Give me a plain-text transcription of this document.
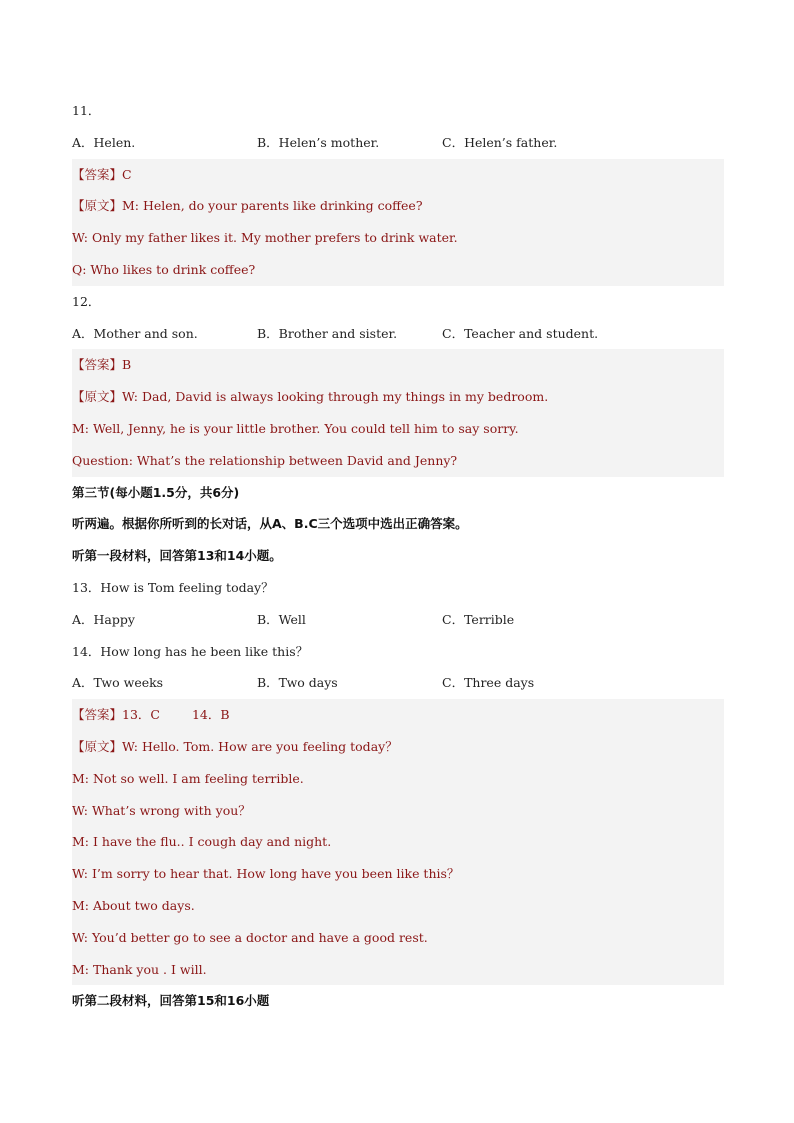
11．
A．Helen.	B．Helen’s mother.	C．Helen’s father.
【答案】C
【原文】M: Helen, do your parents like drinking coffee?
W: Only my father likes it. My mother prefers to drink water.
Q: Who likes to drink coffee?
12．
A．Mother and son.	B．Brother and sister.	C．Teacher and student.
【答案】B
【原文】W: Dad, David is always looking through my things in my bedroom.
M: Well, Jenny, he is your little brother. You could tell him to say sorry.
Question: What’s the relationship between David and Jenny?
第三节(每小题1.5分，共6分)
听两遍。根据你所听到的长对话，从A、B.C三个选项中选出正确答案。
听第一段材料，回答第13和14小题。
13．How is Tom feeling today？
A．Happy	B．Well	C．Terrible
14．How long has he been like this？
A．Two weeks	B．Two days	C．Three days
【答案】13．C	14．B
【原文】W: Hello. Tom. How are you feeling today？
M: Not so well. I am feeling terrible.
W: What’s wrong with you？
M: I have the flu.. I cough day and night.
W: I’m sorry to hear that. How long have you been like this？
M: About two days.
W: You’d better go to see a doctor and have a good rest.
M: Thank you . I will.
听第二段材料，回答第15和16小题
